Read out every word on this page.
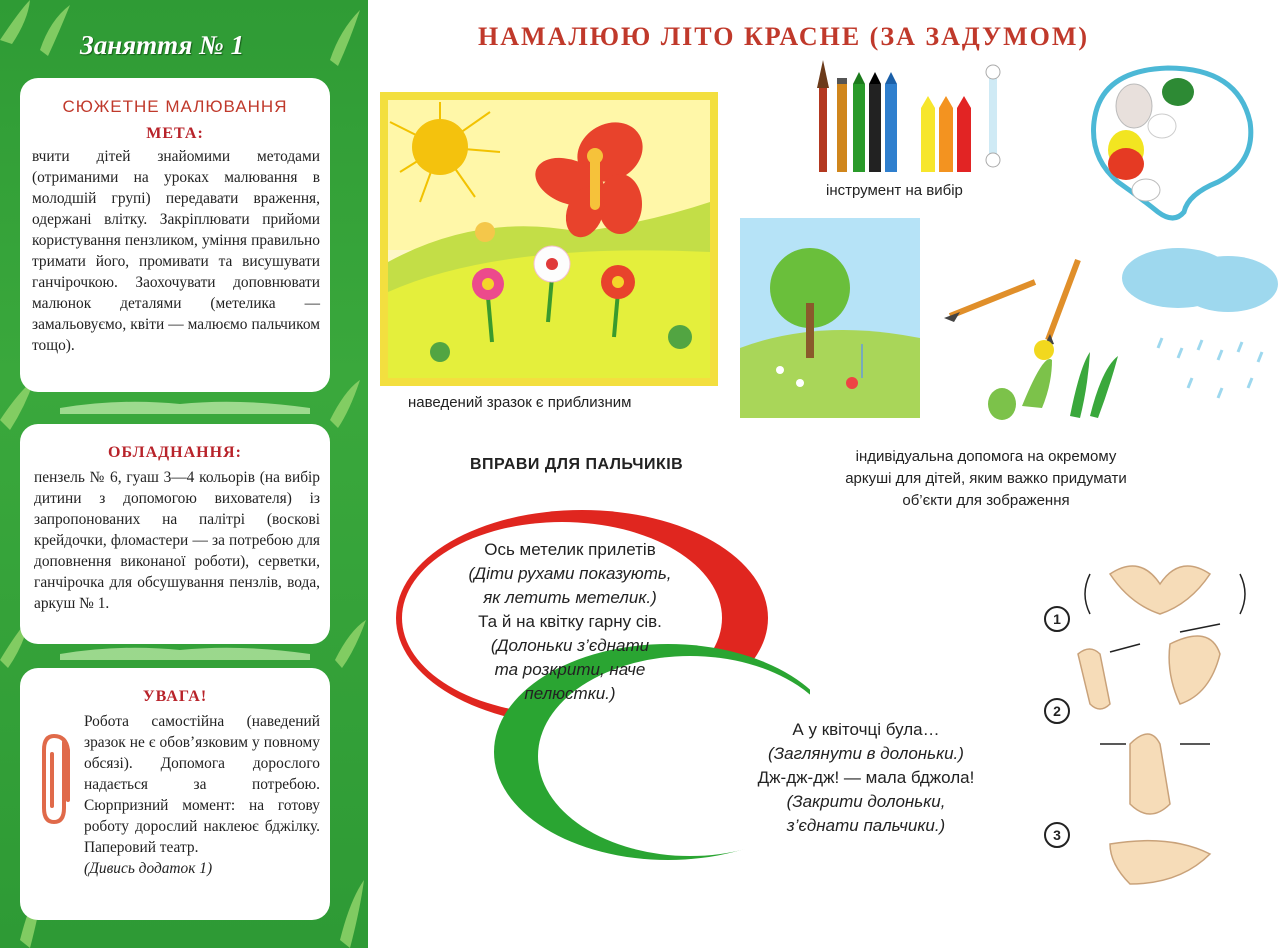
Заняття № 1
СЮЖЕТНЕ МАЛЮВАННЯ
МЕТА:
вчити дітей знайомими методами (отриманими на уроках малювання в молодшій групі) передавати враження, одержані влітку. Закріплювати прийоми користування пензликом, уміння правильно тримати його, промивати та висушувати ганчірочкою. Заохочувати доповнювати малюнок деталями (метелика — замальовуємо, квіти — малюємо пальчиком тощо).
ОБЛАДНАННЯ:
пензель № 6, гуаш 3—4 кольорів (на вибір дитини з допомогою вихователя) із запропонованих на палітрі (воскові крейдочки, фломастери — за потребою для доповнення виконаної роботи), серветки, ганчірочка для обсушування пензлів, вода, аркуш № 1.
УВАГА!
Робота самостійна (наведений зразок не є обов’язковим у повному обсязі). Допомога дорослого надається за потребою. Сюрпризний момент: на готову роботу дорослий наклеює бджілку. Паперовий театр.
(Дивись додаток 1)
НАМАЛЮЮ ЛІТО КРАСНЕ (ЗА ЗАДУМОМ)
наведений зразок є приблизним
інструмент на вибір
індивідуальна допомога на окремому
аркуші для дітей, яким важко придумати
об’єкти для зображення
ВПРАВИ ДЛЯ ПАЛЬЧИКІВ
Ось метелик прилетів
(Діти рухами показують,
як летить метелик.)
Та й на квітку гарну сів.
(Долоньки з’єднати
та розкрити, наче
пелюстки.)
А у квіточці була…
(Заглянути в долоньки.)
Дж-дж-дж! — мала бджола!
(Закрити долоньки,
з’єднати пальчики.)
1
2
3
